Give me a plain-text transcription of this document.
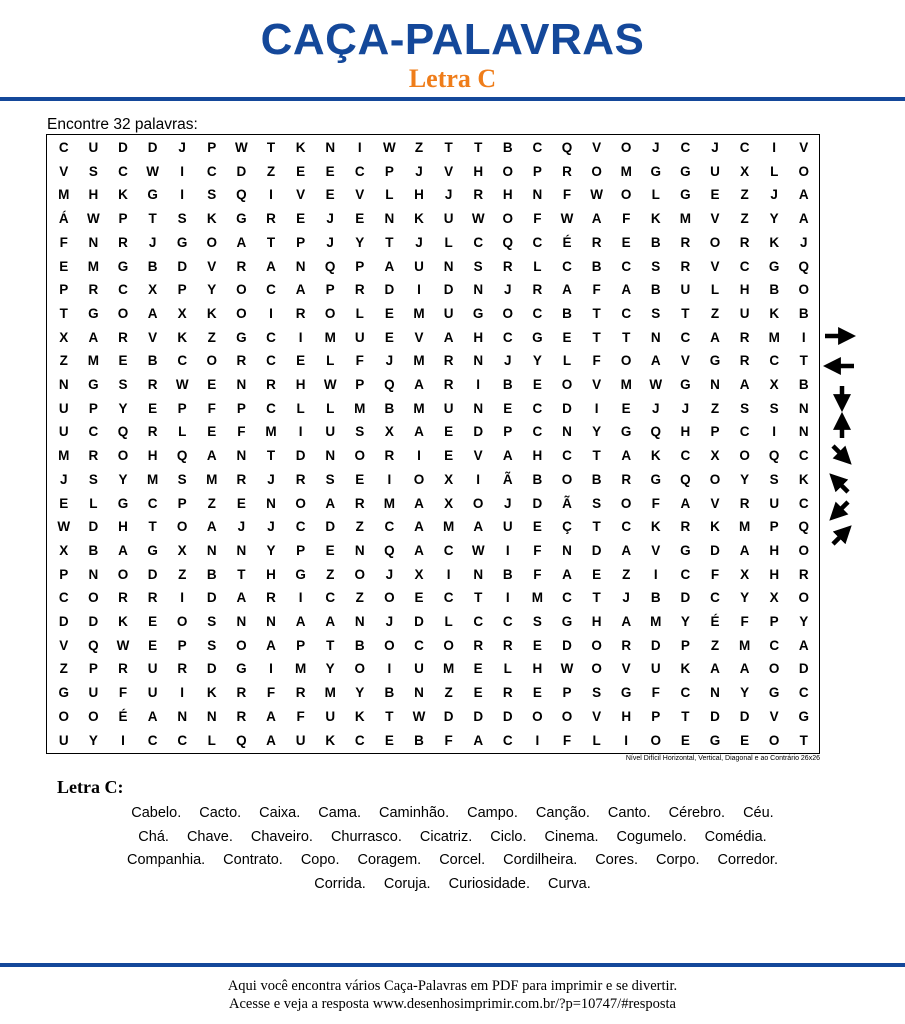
CAÇA-PALAVRAS
Letra C
Encontre 32 palavras:
C	U	D	D	J	P	W	T	K	N	I	W	Z	T	T	B	C	Q	V	O	J	C	J	C	I	V
V	S	C	W	I	C	D	Z	E	E	C	P	J	V	H	O	P	R	O	M	G	G	U	X	L	O
M	H	K	G	I	S	Q	I	V	E	V	L	H	J	R	H	N	F	W	O	L	G	E	Z	J	A
Á	W	P	T	S	K	G	R	E	J	E	N	K	U	W	O	F	W	A	F	K	M	V	Z	Y	A
F	N	R	J	G	O	A	T	P	J	Y	T	J	L	C	Q	C	É	R	E	B	R	O	R	K	J
E	M	G	B	D	V	R	A	N	Q	P	A	U	N	S	R	L	C	B	C	S	R	V	C	G	Q
P	R	C	X	P	Y	O	C	A	P	R	D	I	D	N	J	R	A	F	A	B	U	L	H	B	O
T	G	O	A	X	K	O	I	R	O	L	E	M	U	G	O	C	B	T	C	S	T	Z	U	K	B
X	A	R	V	K	Z	G	C	I	M	U	E	V	A	H	C	G	E	T	T	N	C	A	R	M	I
Z	M	E	B	C	O	R	C	E	L	F	J	M	R	N	J	Y	L	F	O	A	V	G	R	C	T
N	G	S	R	W	E	N	R	H	W	P	Q	A	R	I	B	E	O	V	M	W	G	N	A	X	B
U	P	Y	E	P	F	P	C	L	L	M	B	M	U	N	E	C	D	I	E	J	J	Z	S	S	N
U	C	Q	R	L	E	F	M	I	U	S	X	A	E	D	P	C	N	Y	G	Q	H	P	C	I	N
M	R	O	H	Q	A	N	T	D	N	O	R	I	E	V	A	H	C	T	A	K	C	X	O	Q	C
J	S	Y	M	S	M	R	J	R	S	E	I	O	X	I	Ã	B	O	B	R	G	Q	O	Y	S	K
E	L	G	C	P	Z	E	N	O	A	R	M	A	X	O	J	D	Ã	S	O	F	A	V	R	U	C
W	D	H	T	O	A	J	J	C	D	Z	C	A	M	A	U	E	Ç	T	C	K	R	K	M	P	Q
X	B	A	G	X	N	N	Y	P	E	N	Q	A	C	W	I	F	N	D	A	V	G	D	A	H	O
P	N	O	D	Z	B	T	H	G	Z	O	J	X	I	N	B	F	A	E	Z	I	C	F	X	H	R
C	O	R	R	I	D	A	R	I	C	Z	O	E	C	T	I	M	C	T	J	B	D	C	Y	X	O
D	D	K	E	O	S	N	N	A	A	N	J	D	L	C	C	S	G	H	A	M	Y	É	F	P	Y
V	Q	W	E	P	S	O	A	P	T	B	O	C	O	R	R	E	D	O	R	D	P	Z	M	C	A
Z	P	R	U	R	D	G	I	M	Y	O	I	U	M	E	L	H	W	O	V	U	K	A	A	O	D
G	U	F	U	I	K	R	F	R	M	Y	B	N	Z	E	R	E	P	S	G	F	C	N	Y	G	C
O	O	É	A	N	N	R	A	F	U	K	T	W	D	D	D	O	O	V	H	P	T	D	D	V	G
U	Y	I	C	C	L	Q	A	U	K	C	E	B	F	A	C	I	F	L	I	O	E	G	E	O	T
Nível Difícil Horizontal, Vertical, Diagonal e ao Contrário 26x26
Letra C:
Cabelo. Cacto. Caixa. Cama. Caminhão. Campo. Canção. Canto. Cérebro. Céu.
Chá. Chave. Chaveiro. Churrasco. Cicatriz. Ciclo. Cinema. Cogumelo. Comédia.
Companhia. Contrato. Copo. Coragem. Corcel. Cordilheira. Cores. Corpo. Corredor.
Corrida. Coruja. Curiosidade. Curva.
Aqui você encontra vários Caça-Palavras em PDF para imprimir e se divertir.
Acesse e veja a resposta www.desenhosimprimir.com.br/?p=10747/#resposta
